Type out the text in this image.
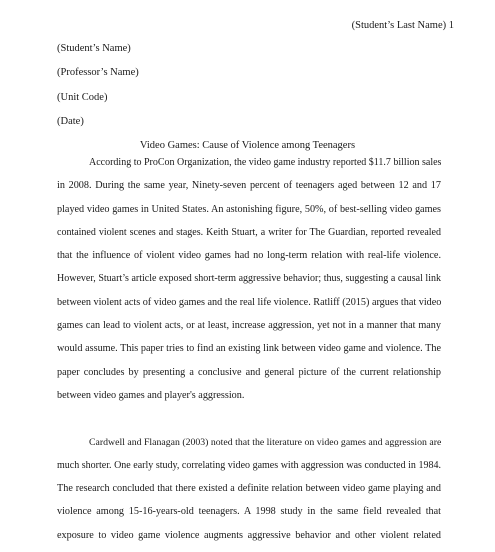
(Student’s Last Name) 1
(Student’s Name)
(Professor’s Name)
(Unit Code)
(Date)
Video Games: Cause of Violence among Teenagers
According to ProCon Organization, the video game industry reported $11.7 billion sales
in 2008. During the same year, Ninety-seven percent of teenagers aged between 12 and 17
played video games in United States. An astonishing figure, 50%, of best-selling video games
contained violent scenes and stages. Keith Stuart, a writer for The Guardian, reported revealed
that the influence of violent video games had no long-term relation with real-life violence.
However, Stuart’s article exposed short-term aggressive behavior; thus, suggesting a causal link
between violent acts of video games and the real life violence. Ratliff (2015) argues that video
games can lead to violent acts, or at least, increase aggression, yet not in a manner that many
would assume. This paper tries to find an existing link between video game and violence. The
paper concludes by presenting a conclusive and general picture of the current relationship
between video games and player's aggression.
Cardwell and Flanagan (2003) noted that the literature on video games and aggression are
much shorter. One early study, correlating video games with aggression was conducted in 1984.
The research concluded that there existed a definite relation between video game playing and
violence among 15-16-years-old teenagers. A 1998 study in the same field revealed that
exposure to video game violence augments aggressive behavior and other violent related
